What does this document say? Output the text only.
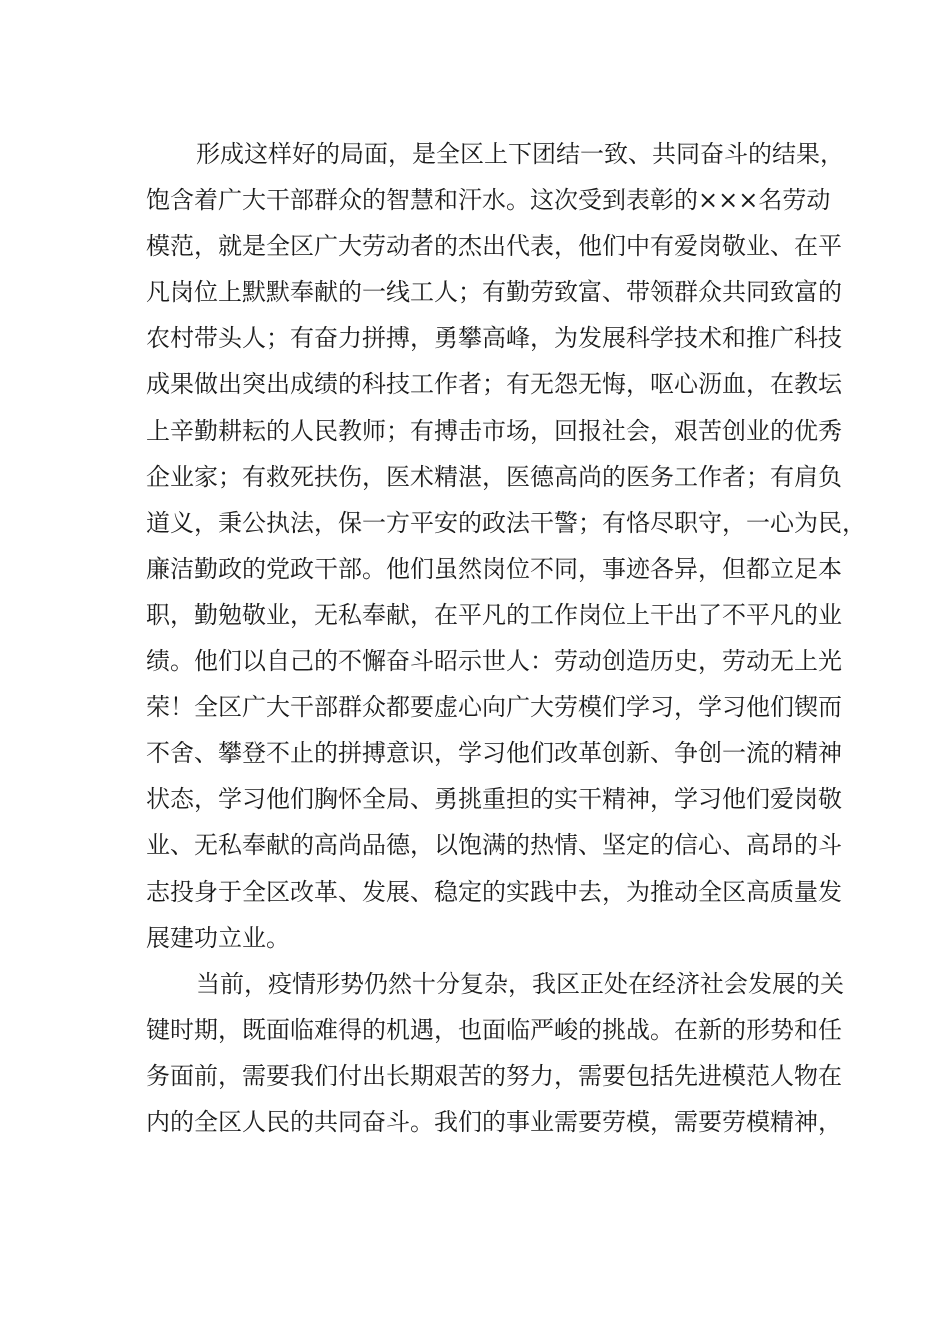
形成这样好的局面，是全区上下团结一致、共同奋斗的结果，
饱含着广大干部群众的智慧和汗水。这次受到表彰的×××名劳动
模范，就是全区广大劳动者的杰出代表，他们中有爱岗敬业、在平
凡岗位上默默奉献的一线工人；有勤劳致富、带领群众共同致富的
农村带头人；有奋力拼搏，勇攀高峰，为发展科学技术和推广科技
成果做出突出成绩的科技工作者；有无怨无悔，呕心沥血，在教坛
上辛勤耕耘的人民教师；有搏击市场，回报社会，艰苦创业的优秀
企业家；有救死扶伤，医术精湛，医德高尚的医务工作者；有肩负
道义，秉公执法，保一方平安的政法干警；有恪尽职守，一心为民，
廉洁勤政的党政干部。他们虽然岗位不同，事迹各异，但都立足本
职，勤勉敬业，无私奉献，在平凡的工作岗位上干出了不平凡的业
绩。他们以自己的不懈奋斗昭示世人：劳动创造历史，劳动无上光
荣！全区广大干部群众都要虚心向广大劳模们学习，学习他们锲而
不舍、攀登不止的拼搏意识，学习他们改革创新、争创一流的精神
状态，学习他们胸怀全局、勇挑重担的实干精神，学习他们爱岗敬
业、无私奉献的高尚品德，以饱满的热情、坚定的信心、高昂的斗
志投身于全区改革、发展、稳定的实践中去，为推动全区高质量发
展建功立业。
当前，疫情形势仍然十分复杂，我区正处在经济社会发展的关
键时期，既面临难得的机遇，也面临严峻的挑战。在新的形势和任
务面前，需要我们付出长期艰苦的努力，需要包括先进模范人物在
内的全区人民的共同奋斗。我们的事业需要劳模，需要劳模精神，
